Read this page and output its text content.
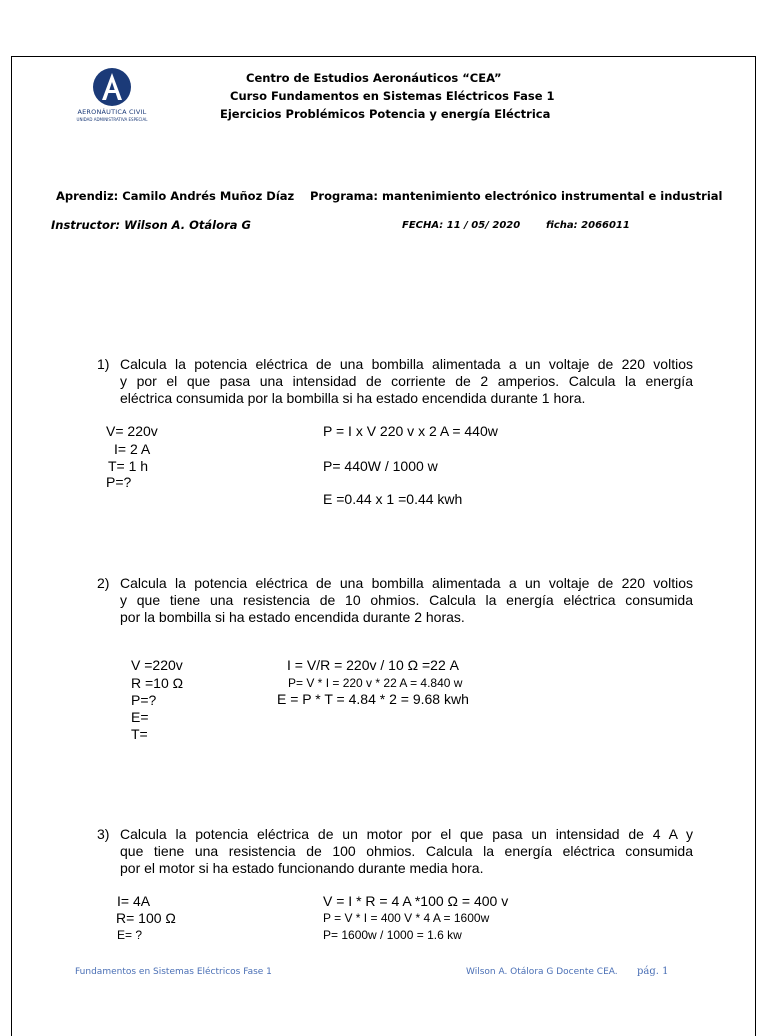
AERONÁUTICA CIVIL
UNIDAD ADMINISTRATIVA ESPECIAL
Centro de Estudios Aeronáuticos “CEA”
Curso Fundamentos en Sistemas Eléctricos Fase 1
Ejercicios Problémicos Potencia y energía Eléctrica
Aprendiz: Camilo Andrés Muñoz Díaz Programa: mantenimiento electrónico instrumental e industrial
Instructor: Wilson A. Otálora G	FECHA: 11 / 05/ 2020	ficha: 2066011
1) Calcula la potencia eléctrica de una bombilla alimentada a un voltaje de 220 voltios
y por el que pasa una intensidad de corriente de 2 amperios. Calcula la energía
eléctrica consumida por la bombilla si ha estado encendida durante 1 hora.
V= 220v
I= 2 A
T= 1 h
P=?
P = I x V 220 v x 2 A = 440w
P= 440W / 1000 w
E =0.44 x 1 =0.44 kwh
2) Calcula la potencia eléctrica de una bombilla alimentada a un voltaje de 220 voltios
y que tiene una resistencia de 10 ohmios. Calcula la energía eléctrica consumida
por la bombilla si ha estado encendida durante 2 horas.
V =220v
R =10 Ω
P=?
E=
T=
I = V/R = 220v / 10 Ω =22 A
P= V * I = 220 v * 22 A = 4.840 w
E = P * T = 4.84 * 2 = 9.68 kwh
3) Calcula la potencia eléctrica de un motor por el que pasa un intensidad de 4 A y
que tiene una resistencia de 100 ohmios. Calcula la energía eléctrica consumida
por el motor si ha estado funcionando durante media hora.
I= 4A
R= 100 Ω
E= ?
V = I * R = 4 A *100 Ω = 400 v
P = V * I = 400 V * 4 A = 1600w
P= 1600w / 1000 = 1.6 kw
Fundamentos en Sistemas Eléctricos Fase 1	Wilson A. Otálora G Docente CEA. pág. 1
